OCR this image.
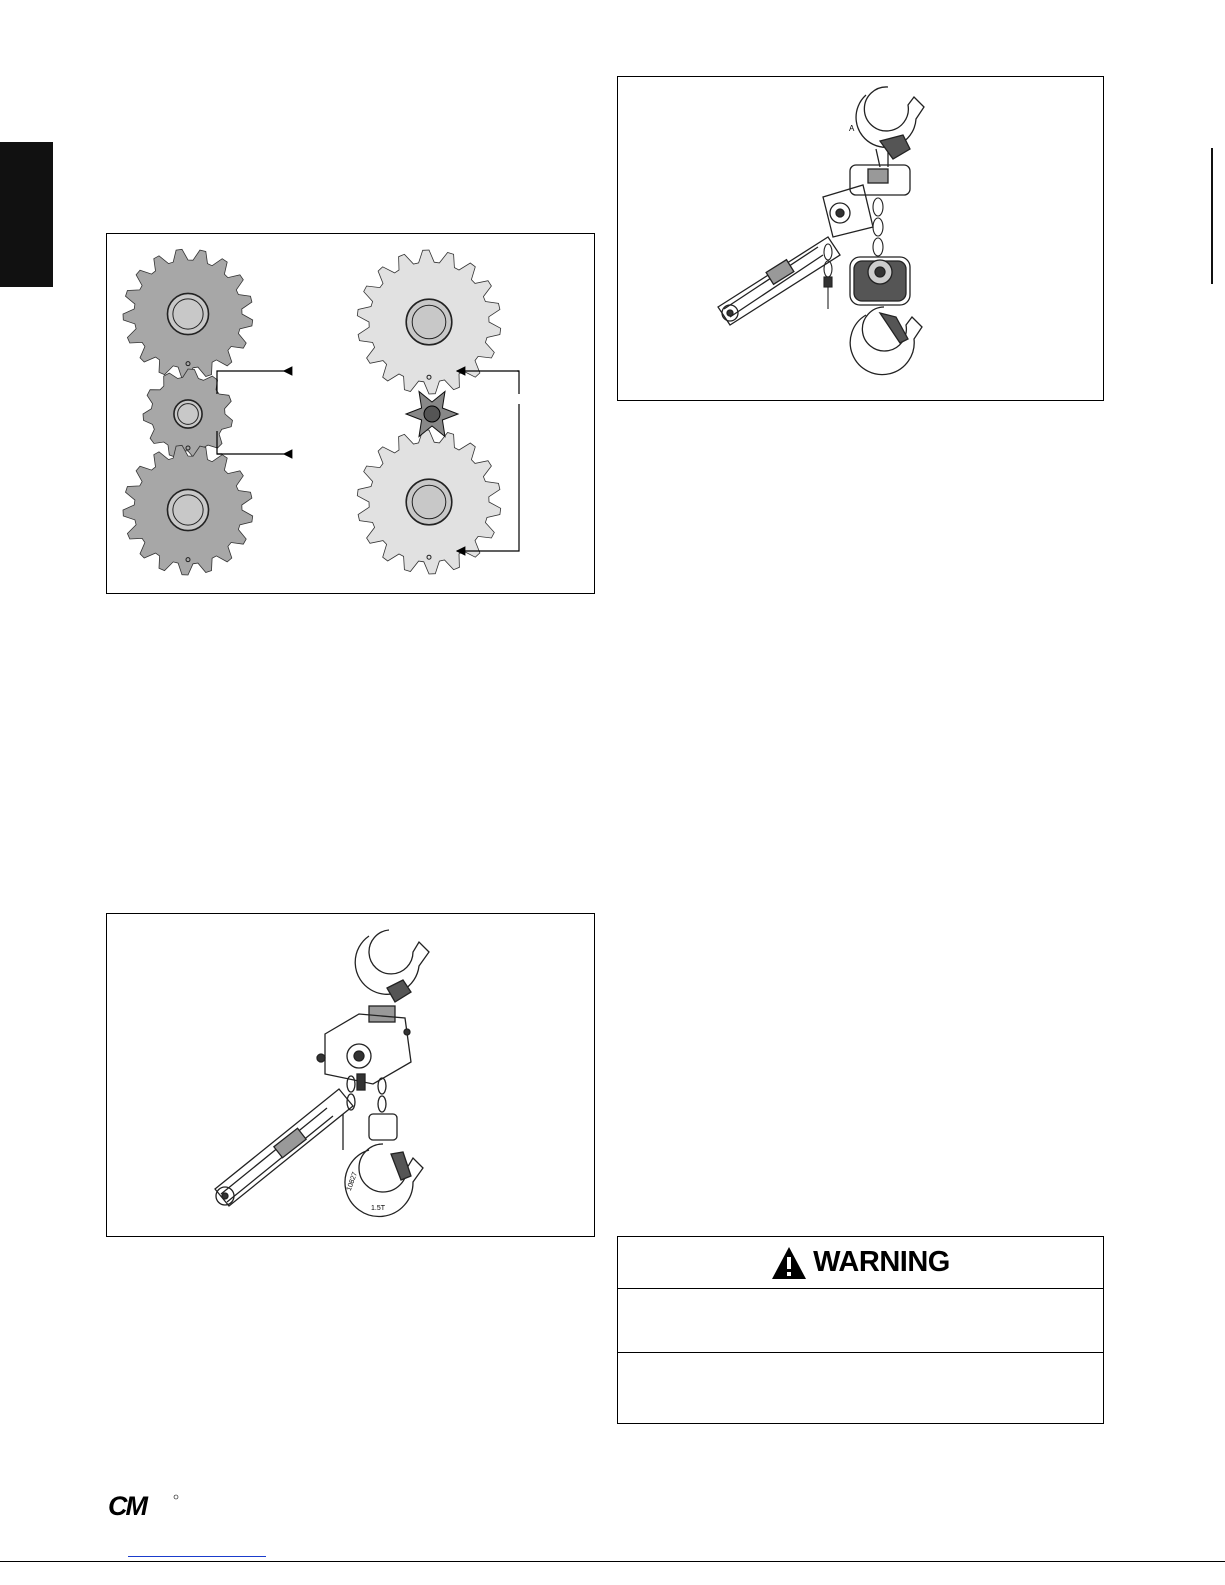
A
1.5T
10827
WARNING
CM
